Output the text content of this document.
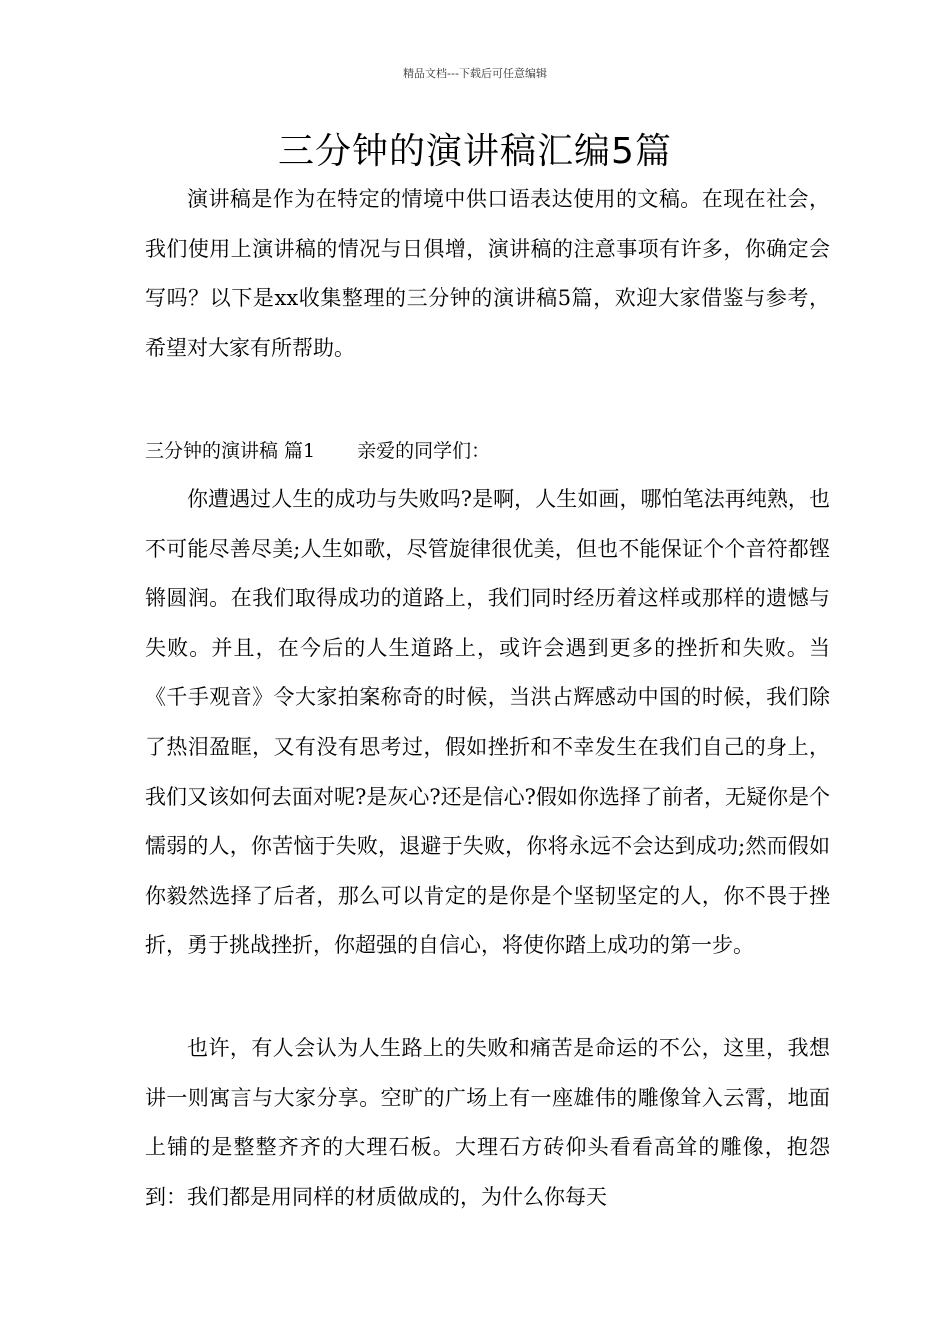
精品文档---下载后可任意编辑
三分钟的演讲稿汇编5篇

演讲稿是作为在特定的情境中供口语表达使用的文稿。在现在社会，我们使用上演讲稿的情况与日俱增，演讲稿的注意事项有许多，你确定会写吗？以下是xx收集整理的三分钟的演讲稿5篇，欢迎大家借鉴与参考，希望对大家有所帮助。

三分钟的演讲稿 篇1 亲爱的同学们：

你遭遇过人生的成功与失败吗?是啊，人生如画，哪怕笔法再纯熟，也不可能尽善尽美;人生如歌，尽管旋律很优美，但也不能保证个个音符都铿锵圆润。在我们取得成功的道路上，我们同时经历着这样或那样的遗憾与失败。并且，在今后的人生道路上，或许会遇到更多的挫折和失败。当《千手观音》令大家拍案称奇的时候，当洪占辉感动中国的时候，我们除了热泪盈眶，又有没有思考过，假如挫折和不幸发生在我们自己的身上，我们又该如何去面对呢?是灰心?还是信心?假如你选择了前者，无疑你是个懦弱的人，你苦恼于失败，退避于失败，你将永远不会达到成功;然而假如你毅然选择了后者，那么可以肯定的是你是个坚韧坚定的人，你不畏于挫折，勇于挑战挫折，你超强的自信心，将使你踏上成功的第一步。

也许，有人会认为人生路上的失败和痛苦是命运的不公，这里，我想讲一则寓言与大家分享。空旷的广场上有一座雄伟的雕像耸入云霄，地面上铺的是整整齐齐的大理石板。大理石方砖仰头看看高耸的雕像，抱怨到：我们都是用同样的材质做成的，为什么你每天
